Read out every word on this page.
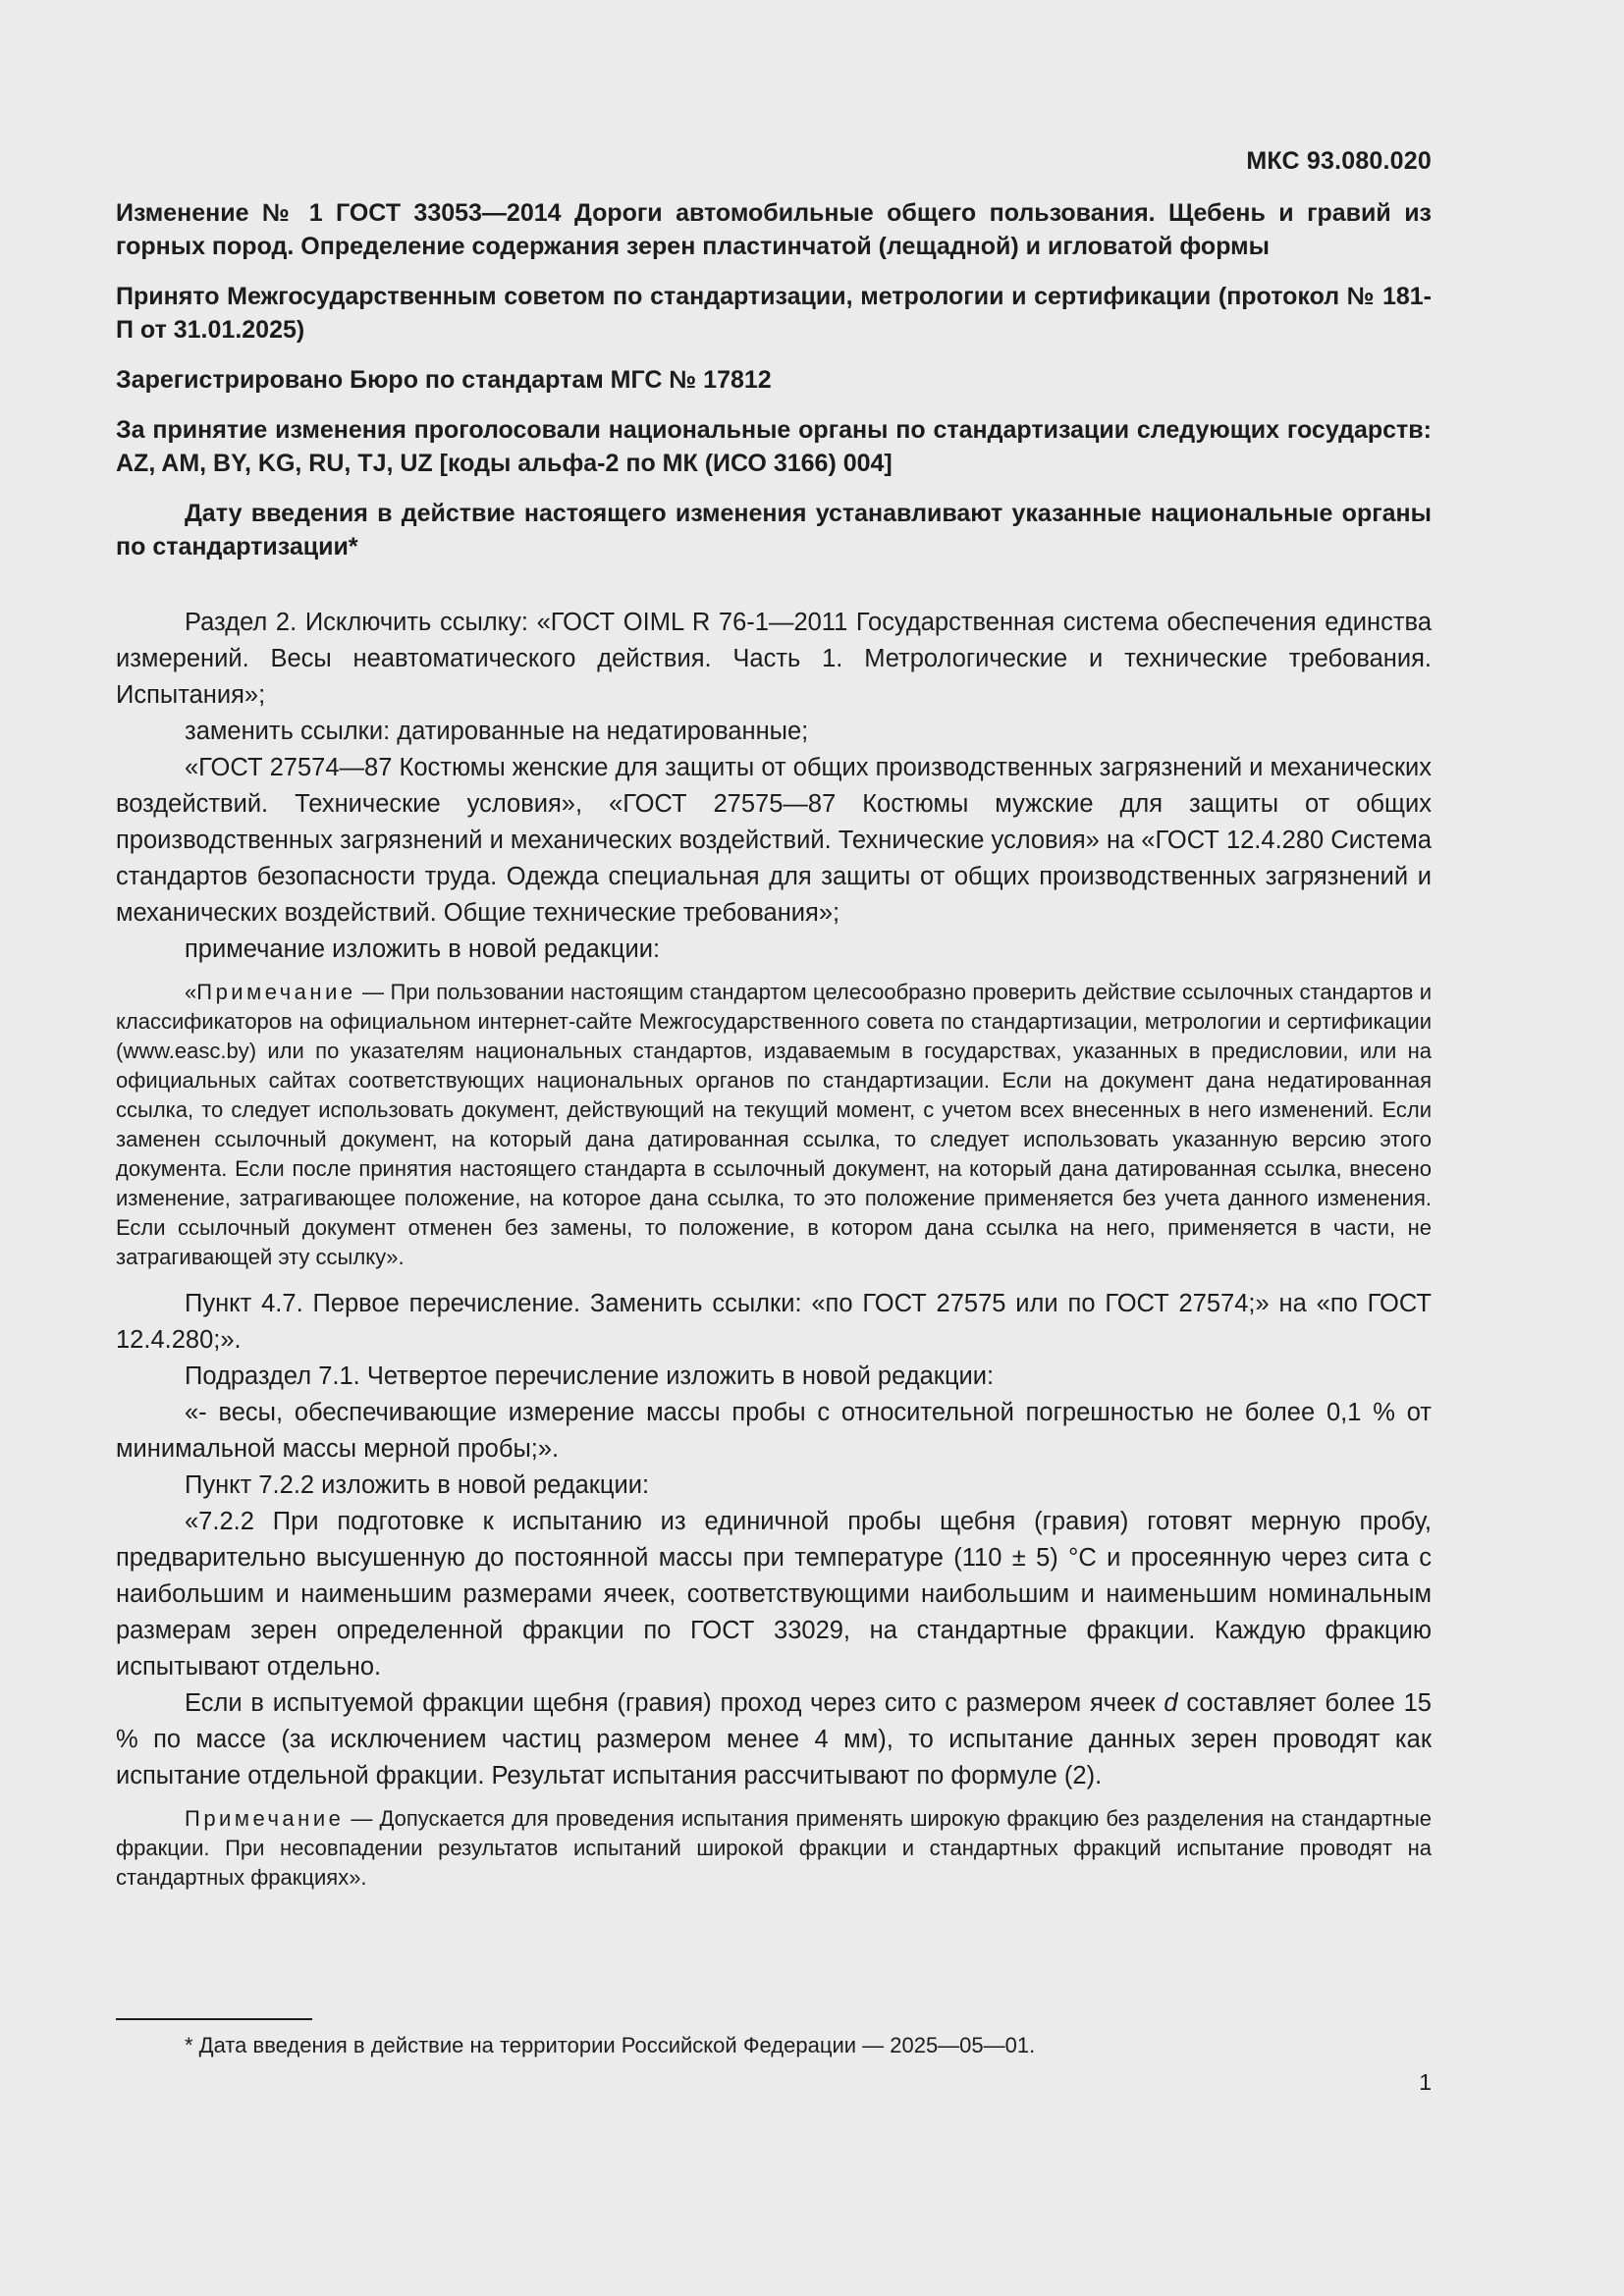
МКС 93.080.020

Изменение № 1 ГОСТ 33053—2014 Дороги автомобильные общего пользования. Щебень и гравий из горных пород. Определение содержания зерен пластинчатой (лещадной) и игловатой формы

Принято Межгосударственным советом по стандартизации, метрологии и сертификации (протокол № 181-П от 31.01.2025)

Зарегистрировано Бюро по стандартам МГС № 17812

За принятие изменения проголосовали национальные органы по стандартизации следующих государств: AZ, AM, BY, KG, RU, TJ, UZ [коды альфа-2 по МК (ИСО 3166) 004]

Дату введения в действие настоящего изменения устанавливают указанные национальные органы по стандартизации*

Раздел 2. Исключить ссылку: «ГОСТ OIML R 76-1—2011 Государственная система обеспечения единства измерений. Весы неавтоматического действия. Часть 1. Метрологические и технические требования. Испытания»;

заменить ссылки: датированные на недатированные;

«ГОСТ 27574—87 Костюмы женские для защиты от общих производственных загрязнений и механических воздействий. Технические условия», «ГОСТ 27575—87 Костюмы мужские для защиты от общих производственных загрязнений и механических воздействий. Технические условия» на «ГОСТ 12.4.280 Система стандартов безопасности труда. Одежда специальная для защиты от общих производственных загрязнений и механических воздействий. Общие технические требования»;

примечание изложить в новой редакции:

«Примечание — При пользовании настоящим стандартом целесообразно проверить действие ссылочных стандартов и классификаторов на официальном интернет-сайте Межгосударственного совета по стандартизации, метрологии и сертификации (www.easc.by) или по указателям национальных стандартов, издаваемым в государствах, указанных в предисловии, или на официальных сайтах соответствующих национальных органов по стандартизации. Если на документ дана недатированная ссылка, то следует использовать документ, действующий на текущий момент, с учетом всех внесенных в него изменений. Если заменен ссылочный документ, на который дана датированная ссылка, то следует использовать указанную версию этого документа. Если после принятия настоящего стандарта в ссылочный документ, на который дана датированная ссылка, внесено изменение, затрагивающее положение, на которое дана ссылка, то это положение применяется без учета данного изменения. Если ссылочный документ отменен без замены, то положение, в котором дана ссылка на него, применяется в части, не затрагивающей эту ссылку».

Пункт 4.7. Первое перечисление. Заменить ссылки: «по ГОСТ 27575 или по ГОСТ 27574;» на «по ГОСТ 12.4.280;».

Подраздел 7.1. Четвертое перечисление изложить в новой редакции:

«- весы, обеспечивающие измерение массы пробы с относительной погрешностью не более 0,1 % от минимальной массы мерной пробы;».

Пункт 7.2.2 изложить в новой редакции:

«7.2.2 При подготовке к испытанию из единичной пробы щебня (гравия) готовят мерную пробу, предварительно высушенную до постоянной массы при температуре (110 ± 5) °С и просеянную через сита с наибольшим и наименьшим размерами ячеек, соответствующими наибольшим и наименьшим номинальным размерам зерен определенной фракции по ГОСТ 33029, на стандартные фракции. Каждую фракцию испытывают отдельно.

Если в испытуемой фракции щебня (гравия) проход через сито с размером ячеек d составляет более 15 % по массе (за исключением частиц размером менее 4 мм), то испытание данных зерен проводят как испытание отдельной фракции. Результат испытания рассчитывают по формуле (2).

Примечание — Допускается для проведения испытания применять широкую фракцию без разделения на стандартные фракции. При несовпадении результатов испытаний широкой фракции и стандартных фракций испытание проводят на стандартных фракциях».

* Дата введения в действие на территории Российской Федерации — 2025—05—01.
1
